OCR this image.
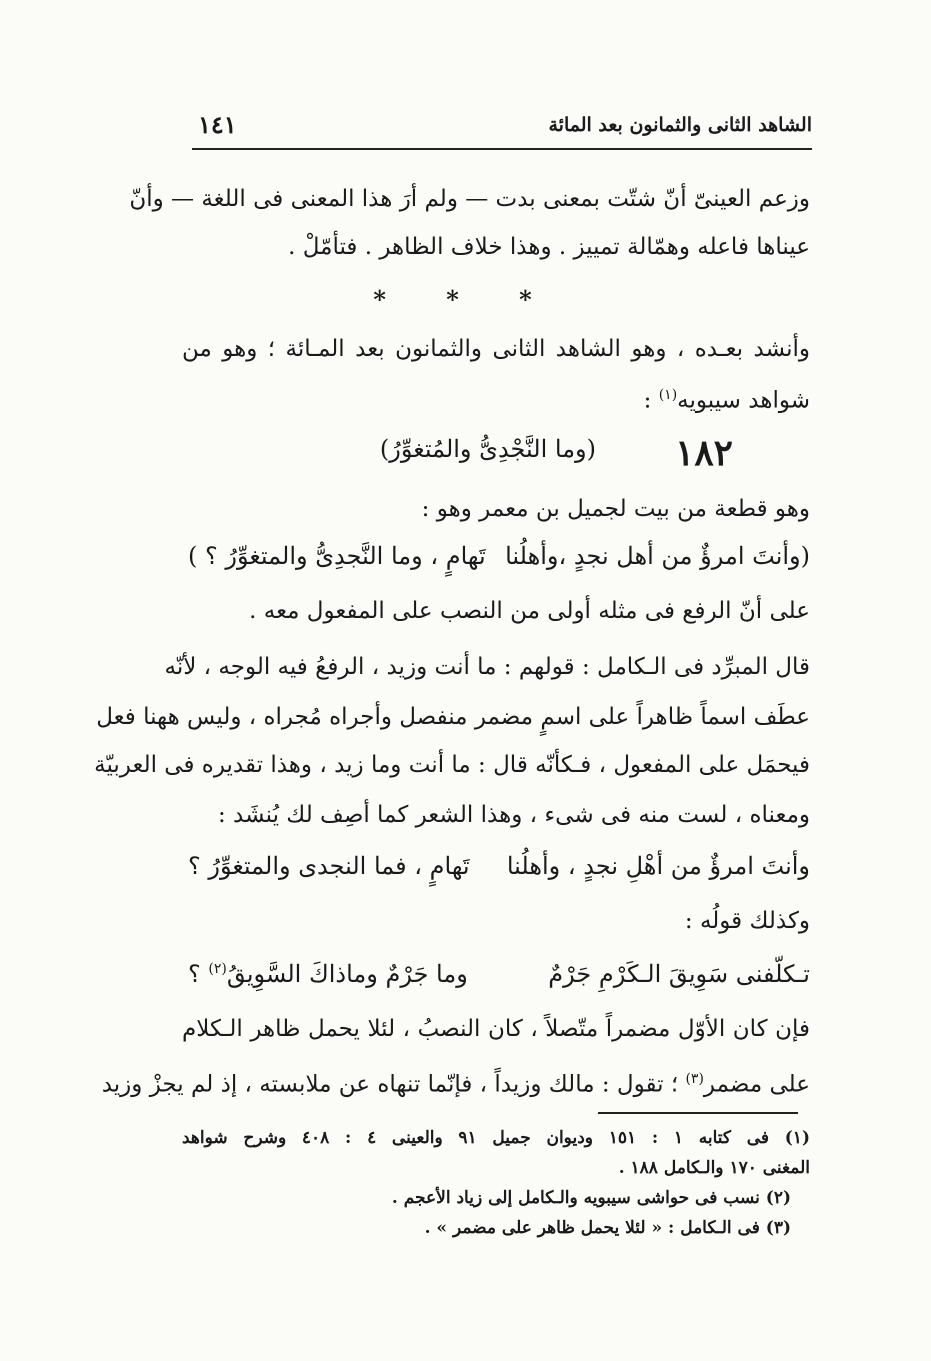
الشاهد الثانى والثمانون بعد المائة
١٤١
وزعم العينىّ أنّ شتّت بمعنى بدت — ولم أرَ هذا المعنى فى اللغة — وأنّ
عيناها فاعله وهمّالة تمييز . وهذا خلاف الظاهر . فتأمّلْ .
* * *
وأنشد بعـده ، وهو الشاهد الثانى والثمانون بعد المـائة ؛ وهو من
شواهد سيبويه$^{(١)}$ :
١٨٢
(وما النَّجْدِىُّ والمُتغوِّرُ)
وهو قطعة من بيت لجميل بن معمر وهو :
(وأنتَ امرؤٌ من أهل نجدٍ ،وأهلُنا
تَهامٍ ، وما النَّجدِىُّ والمتغوِّرُ ؟ )
على أنّ الرفع فى مثله أولى من النصب على المفعول معه .
قال المبرِّد فى الـكامل : قولهم : ما أنت وزيد ، الرفعُ فيه الوجه ، لأنّه
عطَف اسماً ظاهراً على اسمٍ مضمر منفصل وأجراه مُجراه ، وليس ههنا فعل
فيحمَل على المفعول ، فـكأنّه قال : ما أنت وما زيد ، وهذا تقديره فى العربيّة
ومعناه ، لست منه فى شىء ، وهذا الشعر كما أصِف لك يُنشَد :
وأنتَ امرؤٌ من أهْلِ نجدٍ ، وأهلُنا
تَهامٍ ، فما النجدى والمتغوِّرُ ؟
وكذلك قولُه :
تـكلّفنى سَوِيقَ الـكَرْمِ جَرْمٌ
وما جَرْمٌ وماذاكَ السَّوِيقُ$^{(٢)}$ ؟
فإن كان الأوّل مضمراً متّصلاً ، كان النصبُ ، لئلا يحمل ظاهر الـكلام
على مضمر$^{(٣)}$ ؛ تقول : مالك وزيداً ، فإنّما تنهاه عن ملابسته ، إذ لم يجزْ وزيد
(١) فى كتابه ١ : ١٥١ وديوان جميل ٩١ والعينى ٤ : ٤٠٨ وشرح شواهد
المغنى ١٧٠ والـكامل ١٨٨ .
(٢) نسب فى حواشى سيبويه والـكامل إلى زياد الأعجم .
(٣) فى الـكامل : « لئلا يحمل ظاهر على مضمر » .
